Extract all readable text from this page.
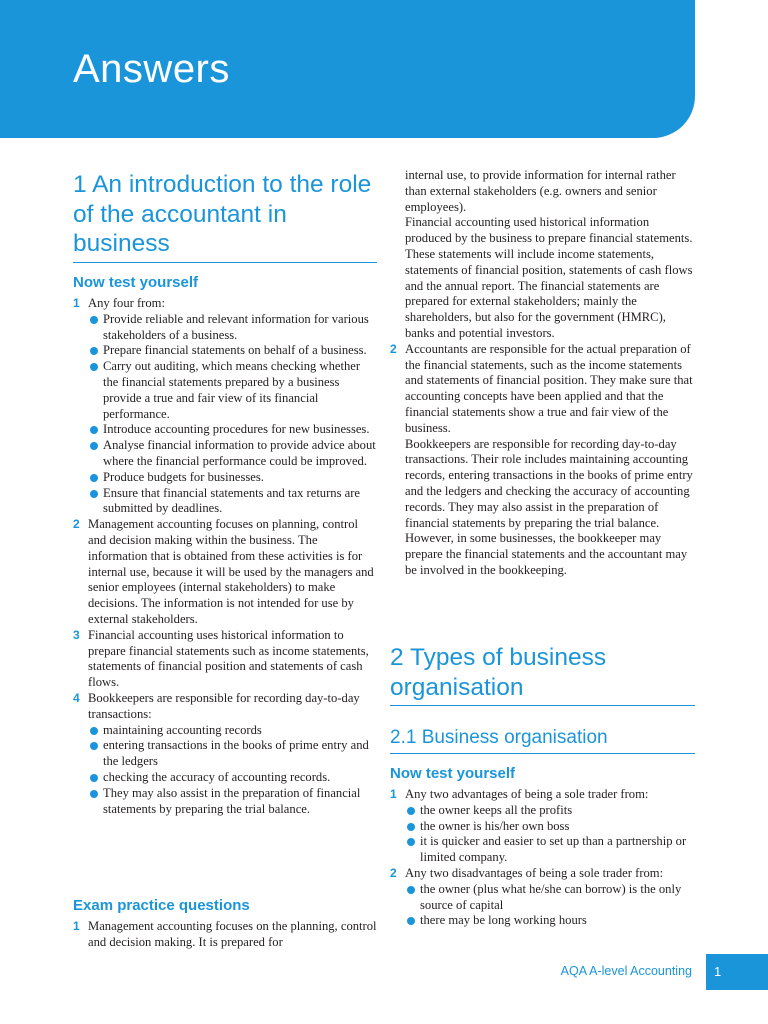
Answers
1 An introduction to the role of the accountant in business
Now test yourself
1 Any four from:

Provide reliable and relevant information for various stakeholders of a business.
Prepare financial statements on behalf of a business.
Carry out auditing, which means checking whether the financial statements prepared by a business provide a true and fair view of its financial performance.
Introduce accounting procedures for new businesses.
Analyse financial information to provide advice about where the financial performance could be improved.
Produce budgets for businesses.
Ensure that financial statements and tax returns are submitted by deadlines.
2 Management accounting focuses on planning, control and decision making within the business. The information that is obtained from these activities is for internal use, because it will be used by the managers and senior employees (internal stakeholders) to make decisions. The information is not intended for use by external stakeholders.

3 Financial accounting uses historical information to prepare financial statements such as income statements, statements of financial position and statements of cash flows.

4 Bookkeepers are responsible for recording day-to-day transactions:

maintaining accounting records
entering transactions in the books of prime entry and the ledgers
checking the accuracy of accounting records.
They may also assist in the preparation of financial statements by preparing the trial balance.
Exam practice questions
1 Management accounting focuses on the planning, control and decision making. It is prepared for

internal use, to provide information for internal rather than external stakeholders (e.g. owners and senior employees).

Financial accounting used historical information produced by the business to prepare financial statements. These statements will include income statements, statements of financial position, statements of cash flows and the annual report. The financial statements are prepared for external stakeholders; mainly the shareholders, but also for the government (HMRC), banks and potential investors.

2 Accountants are responsible for the actual preparation of the financial statements, such as the income statements and statements of financial position. They make sure that accounting concepts have been applied and that the financial statements show a true and fair view of the business.

Bookkeepers are responsible for recording day-to-day transactions. Their role includes maintaining accounting records, entering transactions in the books of prime entry and the ledgers and checking the accuracy of accounting records. They may also assist in the preparation of financial statements by preparing the trial balance. However, in some businesses, the bookkeeper may prepare the financial statements and the accountant may be involved in the bookkeeping.

2 Types of business organisation
2.1 Business organisation
Now test yourself
1 Any two advantages of being a sole trader from:

the owner keeps all the profits
the owner is his/her own boss
it is quicker and easier to set up than a partnership or limited company.
2 Any two disadvantages of being a sole trader from:

the owner (plus what he/she can borrow) is the only source of capital
there may be long working hours
AQA A-level Accounting	1
